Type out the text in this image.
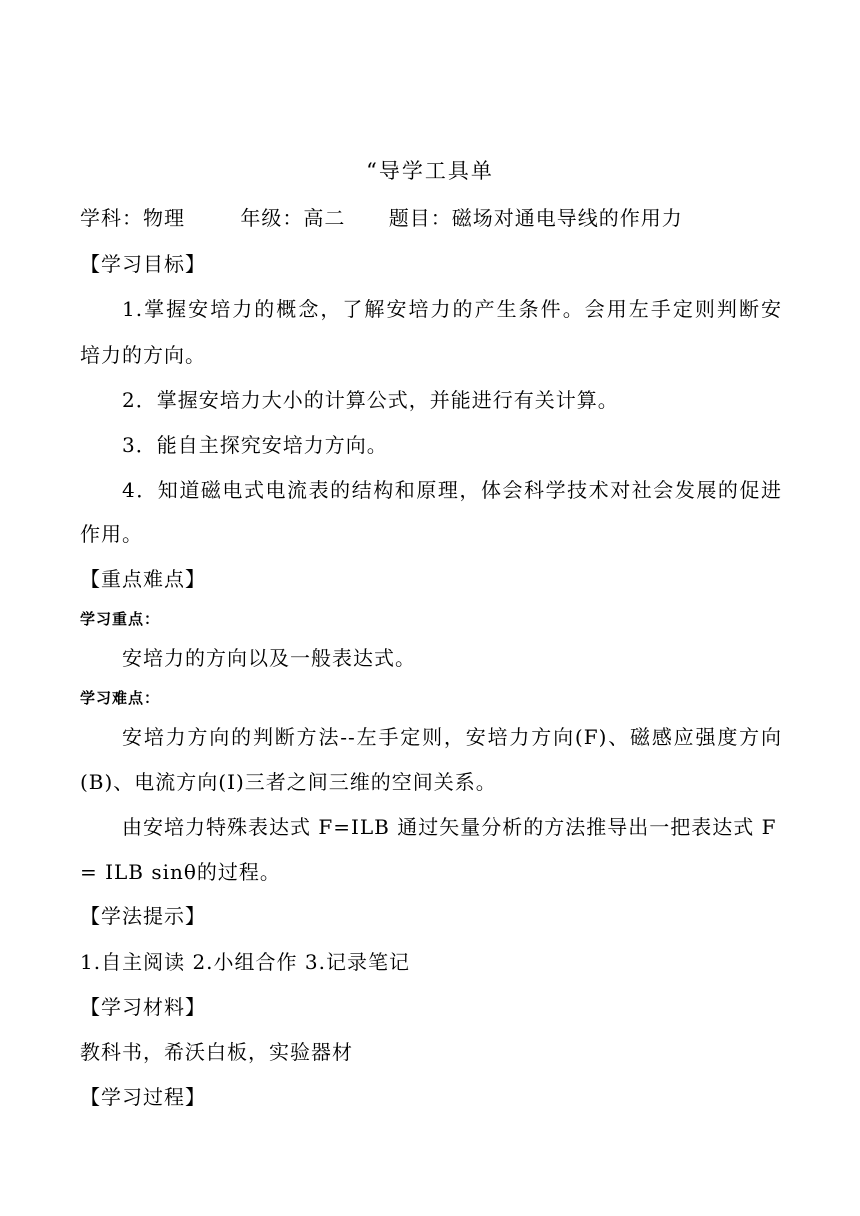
“导学工具单
学科：物理	年级：高二 题目：磁场对通电导线的作用力
【学习目标】
1.掌握安培力的概念，了解安培力的产生条件。会用左手定则判断安
培力的方向。
2．掌握安培力大小的计算公式，并能进行有关计算。
3．能自主探究安培力方向。
4．知道磁电式电流表的结构和原理，体会科学技术对社会发展的促进
作用。
【重点难点】
学习重点：
安培力的方向以及一般表达式。
学习难点：
安培力方向的判断方法--左手定则，安培力方向(F)、磁感应强度方向
(B)、电流方向(I)三者之间三维的空间关系。
由安培力特殊表达式 F=ILB 通过矢量分析的方法推导出一把表达式 F
= ILB sinθ的过程。
【学法提示】
1.自主阅读 2.小组合作 3.记录笔记
【学习材料】
教科书，希沃白板，实验器材
【学习过程】
